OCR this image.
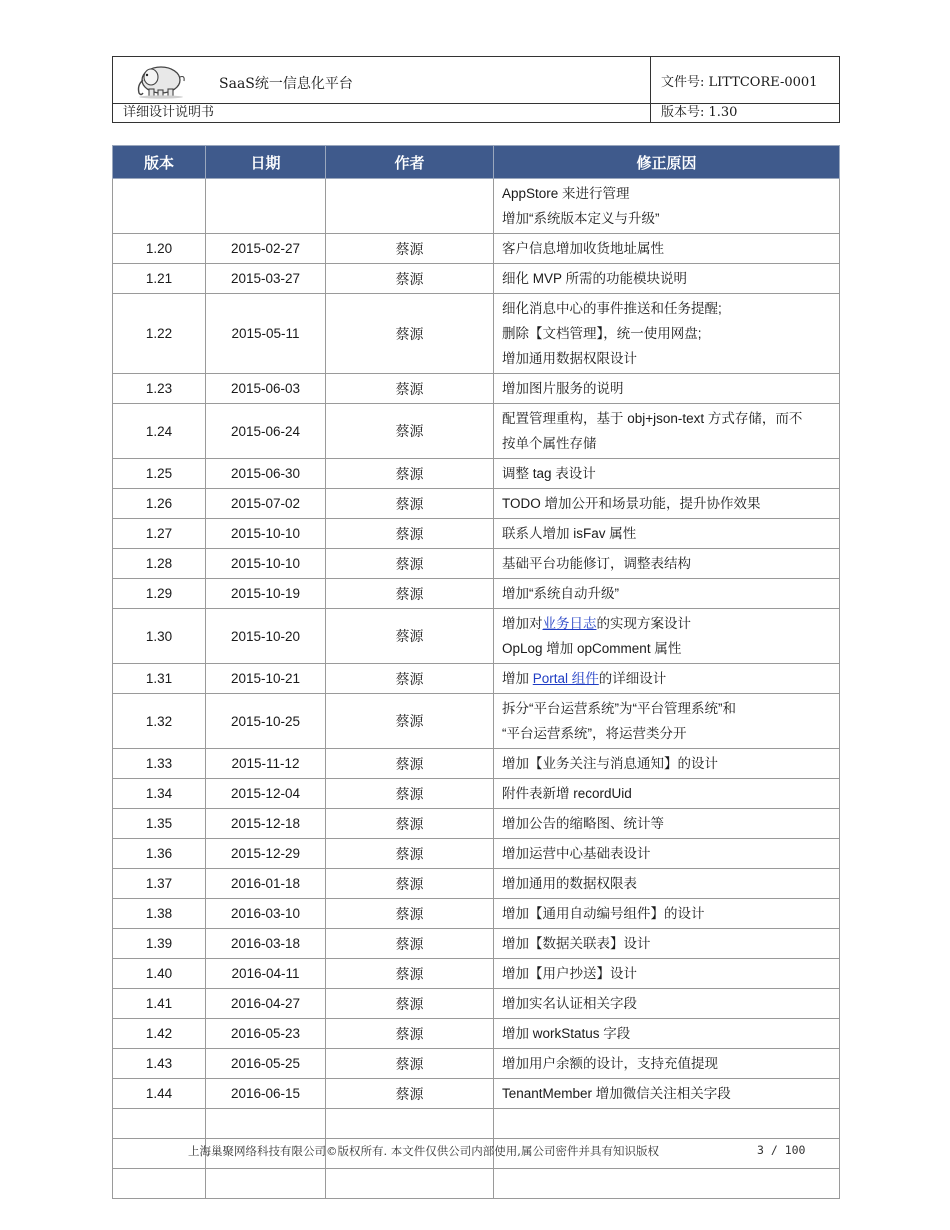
SaaS统一信息化平台	文件号: LITTCORE-0001
详细设计说明书	版本号: 1.30
版本	日期	作者	修正原因

			AppStore 来进行管理
增加“系统版本定义与升级”

1.20	2015-02-27	蔡源	客户信息增加收货地址属性

1.21	2015-03-27	蔡源	细化 MVP 所需的功能模块说明

1.22	2015-05-11	蔡源	细化消息中心的事件推送和任务提醒;
删除【文档管理】，统一使用网盘;
增加通用数据权限设计

1.23	2015-06-03	蔡源	增加图片服务的说明

1.24	2015-06-24	蔡源	配置管理重构，基于 obj+json-text 方式存储，而不
按单个属性存储

1.25	2015-06-30	蔡源	调整 tag 表设计

1.26	2015-07-02	蔡源	TODO 增加公开和场景功能，提升协作效果

1.27	2015-10-10	蔡源	联系人增加 isFav 属性

1.28	2015-10-10	蔡源	基础平台功能修订，调整表结构

1.29	2015-10-19	蔡源	增加“系统自动升级”

1.30	2015-10-20	蔡源	增加对业务日志的实现方案设计
OpLog 增加 opComment 属性

1.31	2015-10-21	蔡源	增加 Portal 组件的详细设计

1.32	2015-10-25	蔡源	拆分“平台运营系统”为“平台管理系统”和
“平台运营系统”，将运营类分开

1.33	2015-11-12	蔡源	增加【业务关注与消息通知】的设计

1.34	2015-12-04	蔡源	附件表新增 recordUid

1.35	2015-12-18	蔡源	增加公告的缩略图、统计等

1.36	2015-12-29	蔡源	增加运营中心基础表设计

1.37	2016-01-18	蔡源	增加通用的数据权限表

1.38	2016-03-10	蔡源	增加【通用自动编号组件】的设计

1.39	2016-03-18	蔡源	增加【数据关联表】设计

1.40	2016-04-11	蔡源	增加【用户抄送】设计

1.41	2016-04-27	蔡源	增加实名认证相关字段

1.42	2016-05-23	蔡源	增加 workStatus 字段

1.43	2016-05-25	蔡源	增加用户余额的设计，支持充值提现

1.44	2016-06-15	蔡源	TenantMember 增加微信关注相关字段

上海巢聚网络科技有限公司©版权所有. 本文件仅供公司内部使用,属公司密件并具有知识版权	3 / 100
